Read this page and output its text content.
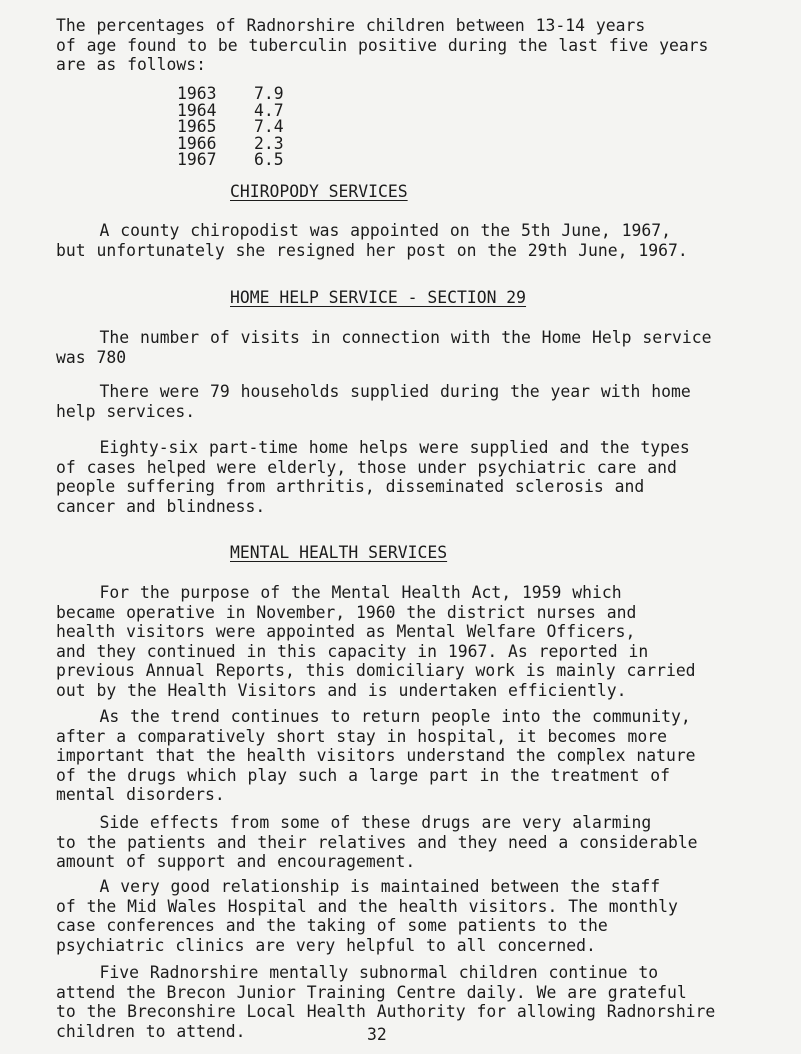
The percentages of Radnorshire children between 13-14 years
of age found to be tuberculin positive during the last five years
are as follows:
1963	7.9
1964	4.7
1965	7.4
1966	2.3
1967	6.5
CHIROPODY SERVICES
A county chiropodist was appointed on the 5th June, 1967,
but unfortunately she resigned her post on the 29th June, 1967.
HOME HELP SERVICE - SECTION 29
The number of visits in connection with the Home Help service
was 780
There were 79 households supplied during the year with home
help services.
Eighty-six part-time home helps were supplied and the types
of cases helped were elderly, those under psychiatric care and
people suffering from arthritis, disseminated sclerosis and
cancer and blindness.
MENTAL HEALTH SERVICES
For the purpose of the Mental Health Act, 1959 which
became operative in November, 1960 the district nurses and
health visitors were appointed as Mental Welfare Officers,
and they continued in this capacity in 1967. As reported in
previous Annual Reports, this domiciliary work is mainly carried
out by the Health Visitors and is undertaken efficiently.
As the trend continues to return people into the community,
after a comparatively short stay in hospital, it becomes more
important that the health visitors understand the complex nature
of the drugs which play such a large part in the treatment of
mental disorders.
Side effects from some of these drugs are very alarming
to the patients and their relatives and they need a considerable
amount of support and encouragement.
A very good relationship is maintained between the staff
of the Mid Wales Hospital and the health visitors. The monthly
case conferences and the taking of some patients to the
psychiatric clinics are very helpful to all concerned.
Five Radnorshire mentally subnormal children continue to
attend the Brecon Junior Training Centre daily. We are grateful
to the Breconshire Local Health Authority for allowing Radnorshire
children to attend.	32
